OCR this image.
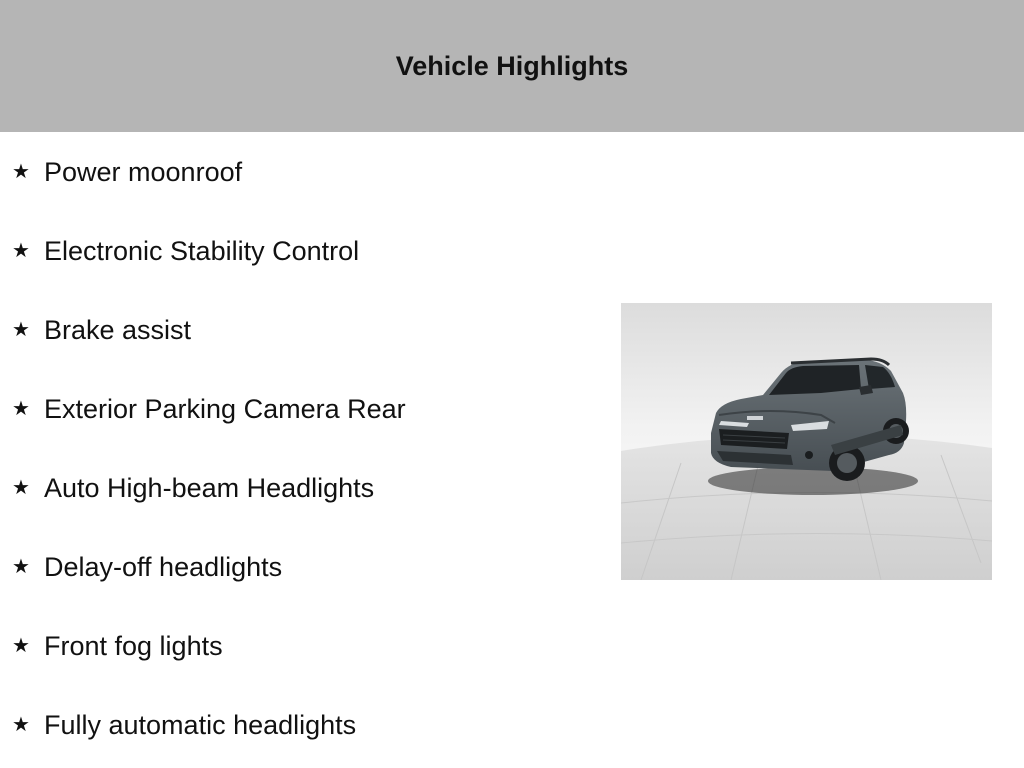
Vehicle Highlights
★ Power moonroof
★ Electronic Stability Control
★ Brake assist
★ Exterior Parking Camera Rear
★ Auto High-beam Headlights
★ Delay-off headlights
★ Front fog lights
★ Fully automatic headlights
